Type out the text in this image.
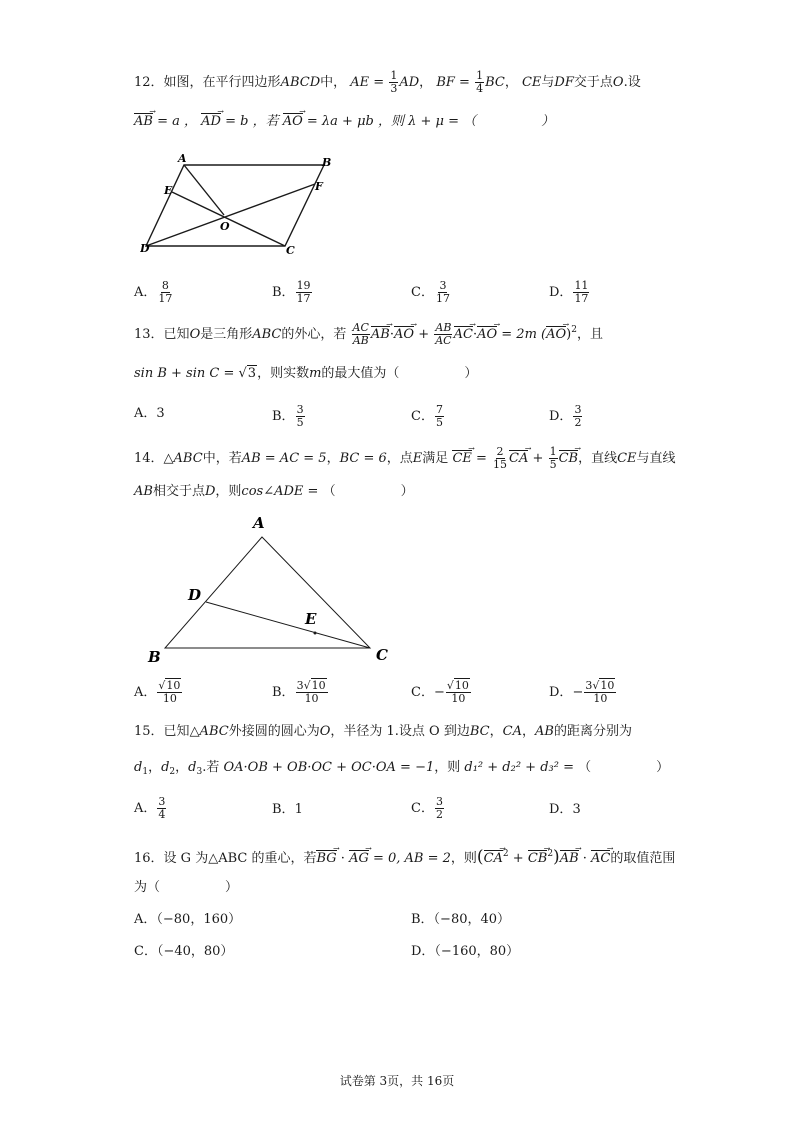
12．如图，在平行四边形ABCD中， AE = $\frac{1}{3}$ AD， BF = $\frac{1}{4}$ BC， CE与DF交于点O.设
AB → = a ， AD → = b ，若 AO → = λa + μb ，则 λ + μ = （　　　　　）
A	B
E	F
O
D	C
A． $\frac{8}{17}$	B． $\frac{19}{17}$	C． $\frac{3}{17}$	D． $\frac{11}{17}$
13．已知O是三角形ABC的外心，若 $\frac{AC}{AB}$ AB →·AO → + $\frac{AB}{AC}$ AC →·AO → = 2m (AO →)$^2$，且
sin B + sin C = √3，则实数m的最大值为（　　　　　）
A．3	B． $\frac{3}{5}$	C． $\frac{7}{5}$	D． $\frac{3}{2}$
14．△ABC中，若AB = AC = 5，BC = 6，点E满足 CE → = $\frac{2}{15}$ CA → + $\frac{1}{5}$ CB →，直线CE与直线
AB相交于点D，则cos∠ADE = （　　　　　）
A
D
E
B	C
A． $\frac{√10}{10}$	B． $\frac{3√10}{10}$	C．− $\frac{√10}{10}$	D．− $\frac{3√10}{10}$
15．已知△ABC外接圆的圆心为O，半径为 1.设点 O 到边BC，CA，AB的距离分别为
$d_1$，$d_2$，$d_3$.若 OA·OB + OB·OC + OC·OA = −1，则 d₁² + d₂² + d₃² = （　　　　　）
A． $\frac{3}{4}$	B．1	C． $\frac{3}{2}$	D．3
16．设 G 为△ABC 的重心，若BG → · AG → = 0, AB = 2，则(CA →$^2$ + CB →$^2$)AB → · AC →的取值范围
为（　　　　　）
A．（−80，160）	B．（−80，40）
C．（−40，80）	D．（−160，80）
试卷第 3页，共 16页
